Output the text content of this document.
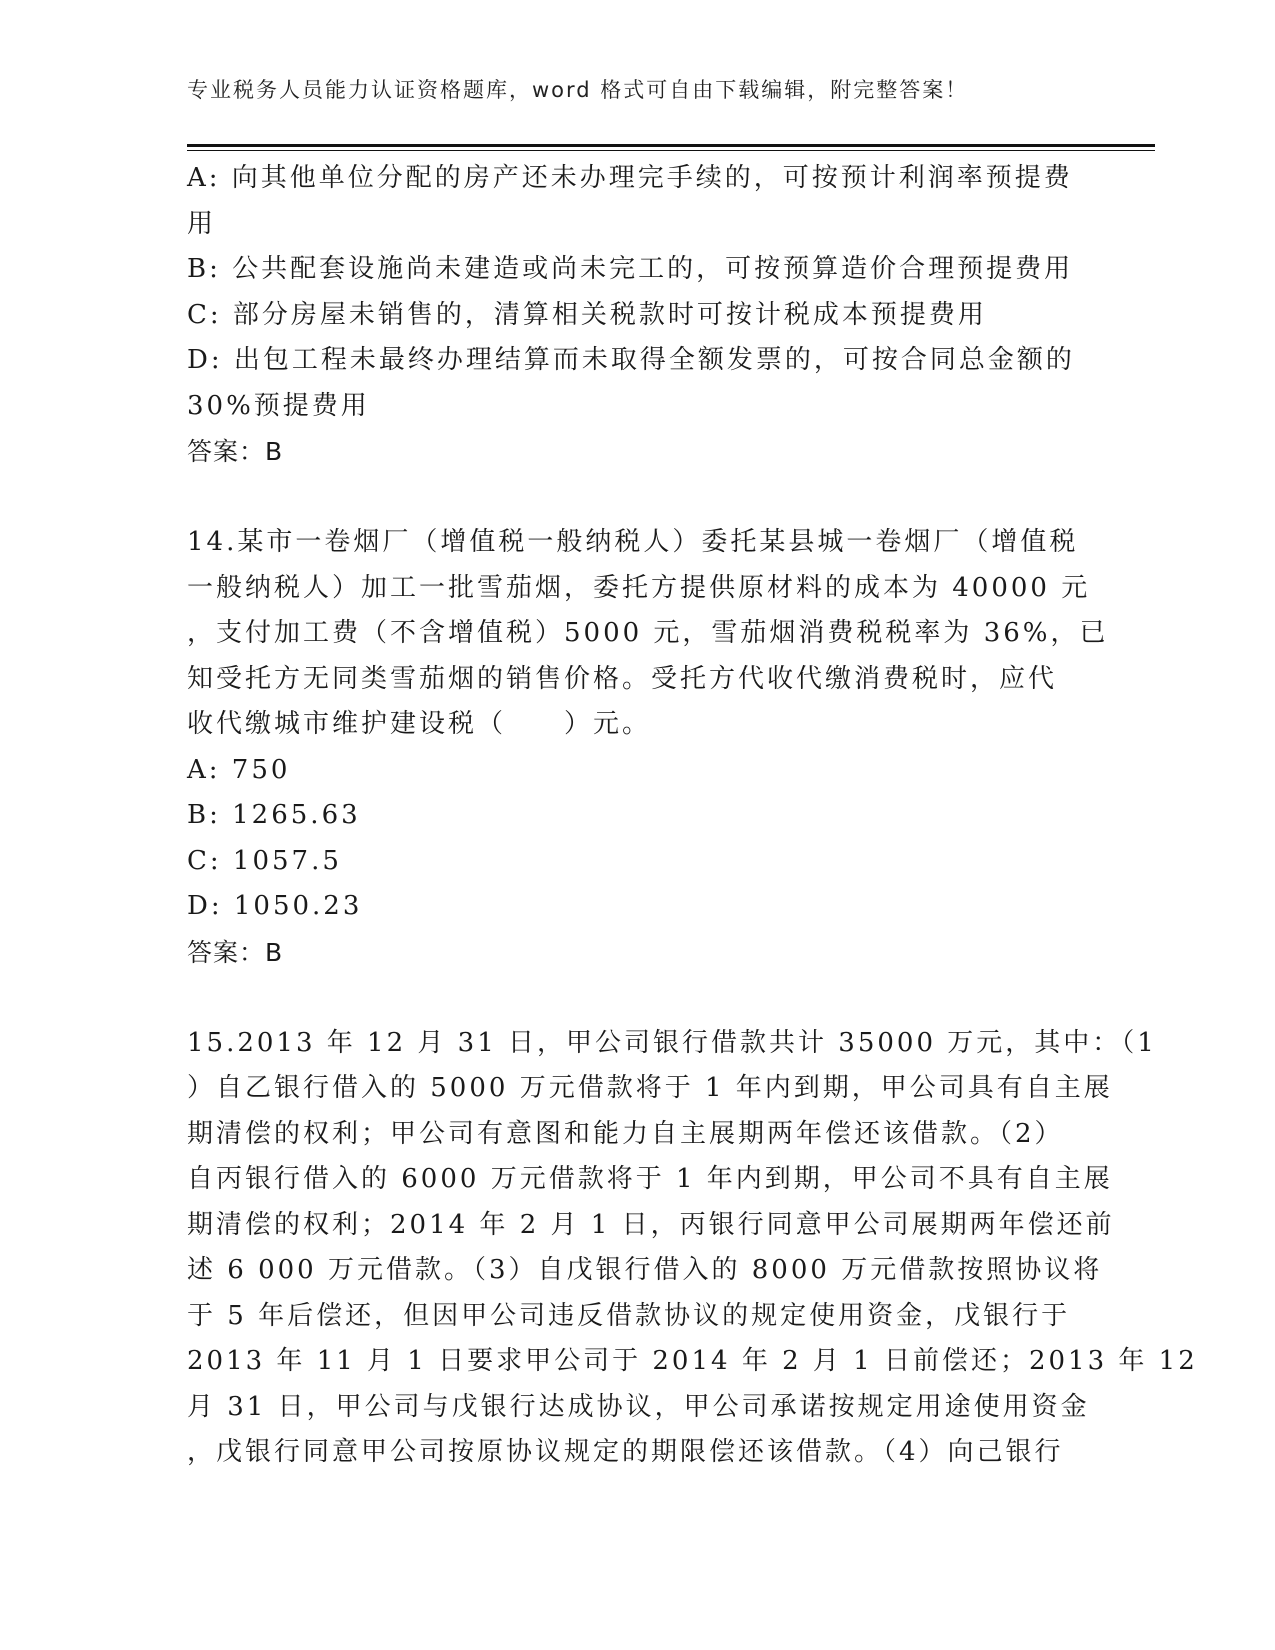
专业税务人员能力认证资格题库，word 格式可自由下载编辑，附完整答案！
A: 向其他单位分配的房产还未办理完手续的，可按预计利润率预提费
用
B: 公共配套设施尚未建造或尚未完工的，可按预算造价合理预提费用
C: 部分房屋未销售的，清算相关税款时可按计税成本预提费用
D: 出包工程未最终办理结算而未取得全额发票的，可按合同总金额的
30%预提费用
答案：B
14.某市一卷烟厂（增值税一般纳税人）委托某县城一卷烟厂（增值税
一般纳税人）加工一批雪茄烟，委托方提供原材料的成本为 40000 元
，支付加工费（不含增值税）5000 元，雪茄烟消费税税率为 36%，已
知受托方无同类雪茄烟的销售价格。受托方代收代缴消费税时，应代
收代缴城市维护建设税（　　）元。
A: 750
B: 1265.63
C: 1057.5
D: 1050.23
答案：B
15.2013 年 12 月 31 日，甲公司银行借款共计 35000 万元，其中：（1
）自乙银行借入的 5000 万元借款将于 1 年内到期，甲公司具有自主展
期清偿的权利；甲公司有意图和能力自主展期两年偿还该借款。（2）
自丙银行借入的 6000 万元借款将于 1 年内到期，甲公司不具有自主展
期清偿的权利；2014 年 2 月 1 日，丙银行同意甲公司展期两年偿还前
述 6 000 万元借款。（3）自戊银行借入的 8000 万元借款按照协议将
于 5 年后偿还，但因甲公司违反借款协议的规定使用资金，戊银行于
2013 年 11 月 1 日要求甲公司于 2014 年 2 月 1 日前偿还；2013 年 12
月 31 日，甲公司与戊银行达成协议，甲公司承诺按规定用途使用资金
，戊银行同意甲公司按原协议规定的期限偿还该借款。（4）向己银行
